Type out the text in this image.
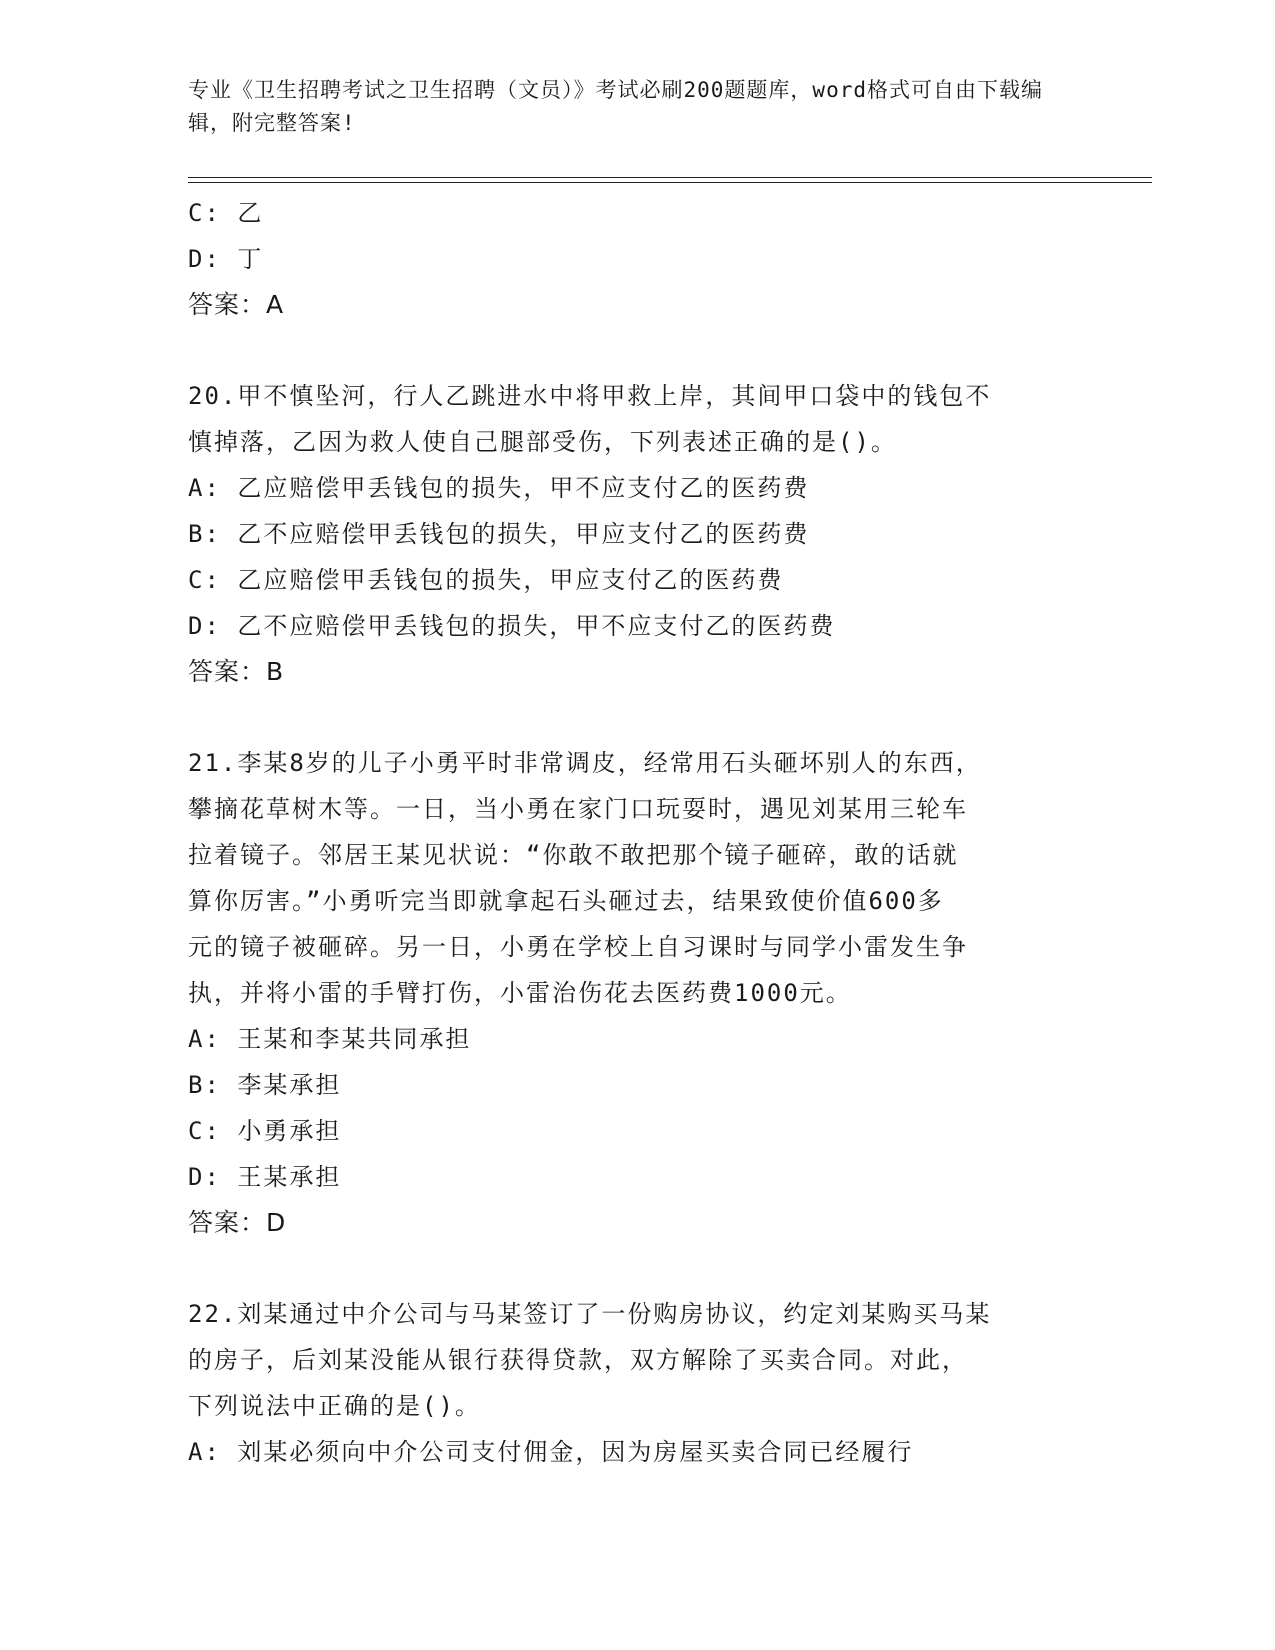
专业《卫生招聘考试之卫生招聘（文员）》考试必刷200题题库，word格式可自由下载编辑，附完整答案!
C: 乙
D: 丁
答案：A
20.甲不慎坠河，行人乙跳进水中将甲救上岸，其间甲口袋中的钱包不
慎掉落，乙因为救人使自己腿部受伤，下列表述正确的是()。
A: 乙应赔偿甲丢钱包的损失，甲不应支付乙的医药费
B: 乙不应赔偿甲丢钱包的损失，甲应支付乙的医药费
C: 乙应赔偿甲丢钱包的损失，甲应支付乙的医药费
D: 乙不应赔偿甲丢钱包的损失，甲不应支付乙的医药费
答案：B
21.李某8岁的儿子小勇平时非常调皮，经常用石头砸坏别人的东西，
攀摘花草树木等。一日，当小勇在家门口玩耍时，遇见刘某用三轮车
拉着镜子。邻居王某见状说：“你敢不敢把那个镜子砸碎，敢的话就
算你厉害。”小勇听完当即就拿起石头砸过去，结果致使价值600多
元的镜子被砸碎。另一日，小勇在学校上自习课时与同学小雷发生争
执，并将小雷的手臂打伤，小雷治伤花去医药费1000元。
A: 王某和李某共同承担
B: 李某承担
C: 小勇承担
D: 王某承担
答案：D
22.刘某通过中介公司与马某签订了一份购房协议，约定刘某购买马某
的房子，后刘某没能从银行获得贷款，双方解除了买卖合同。对此，
下列说法中正确的是()。
A: 刘某必须向中介公司支付佣金，因为房屋买卖合同已经履行
